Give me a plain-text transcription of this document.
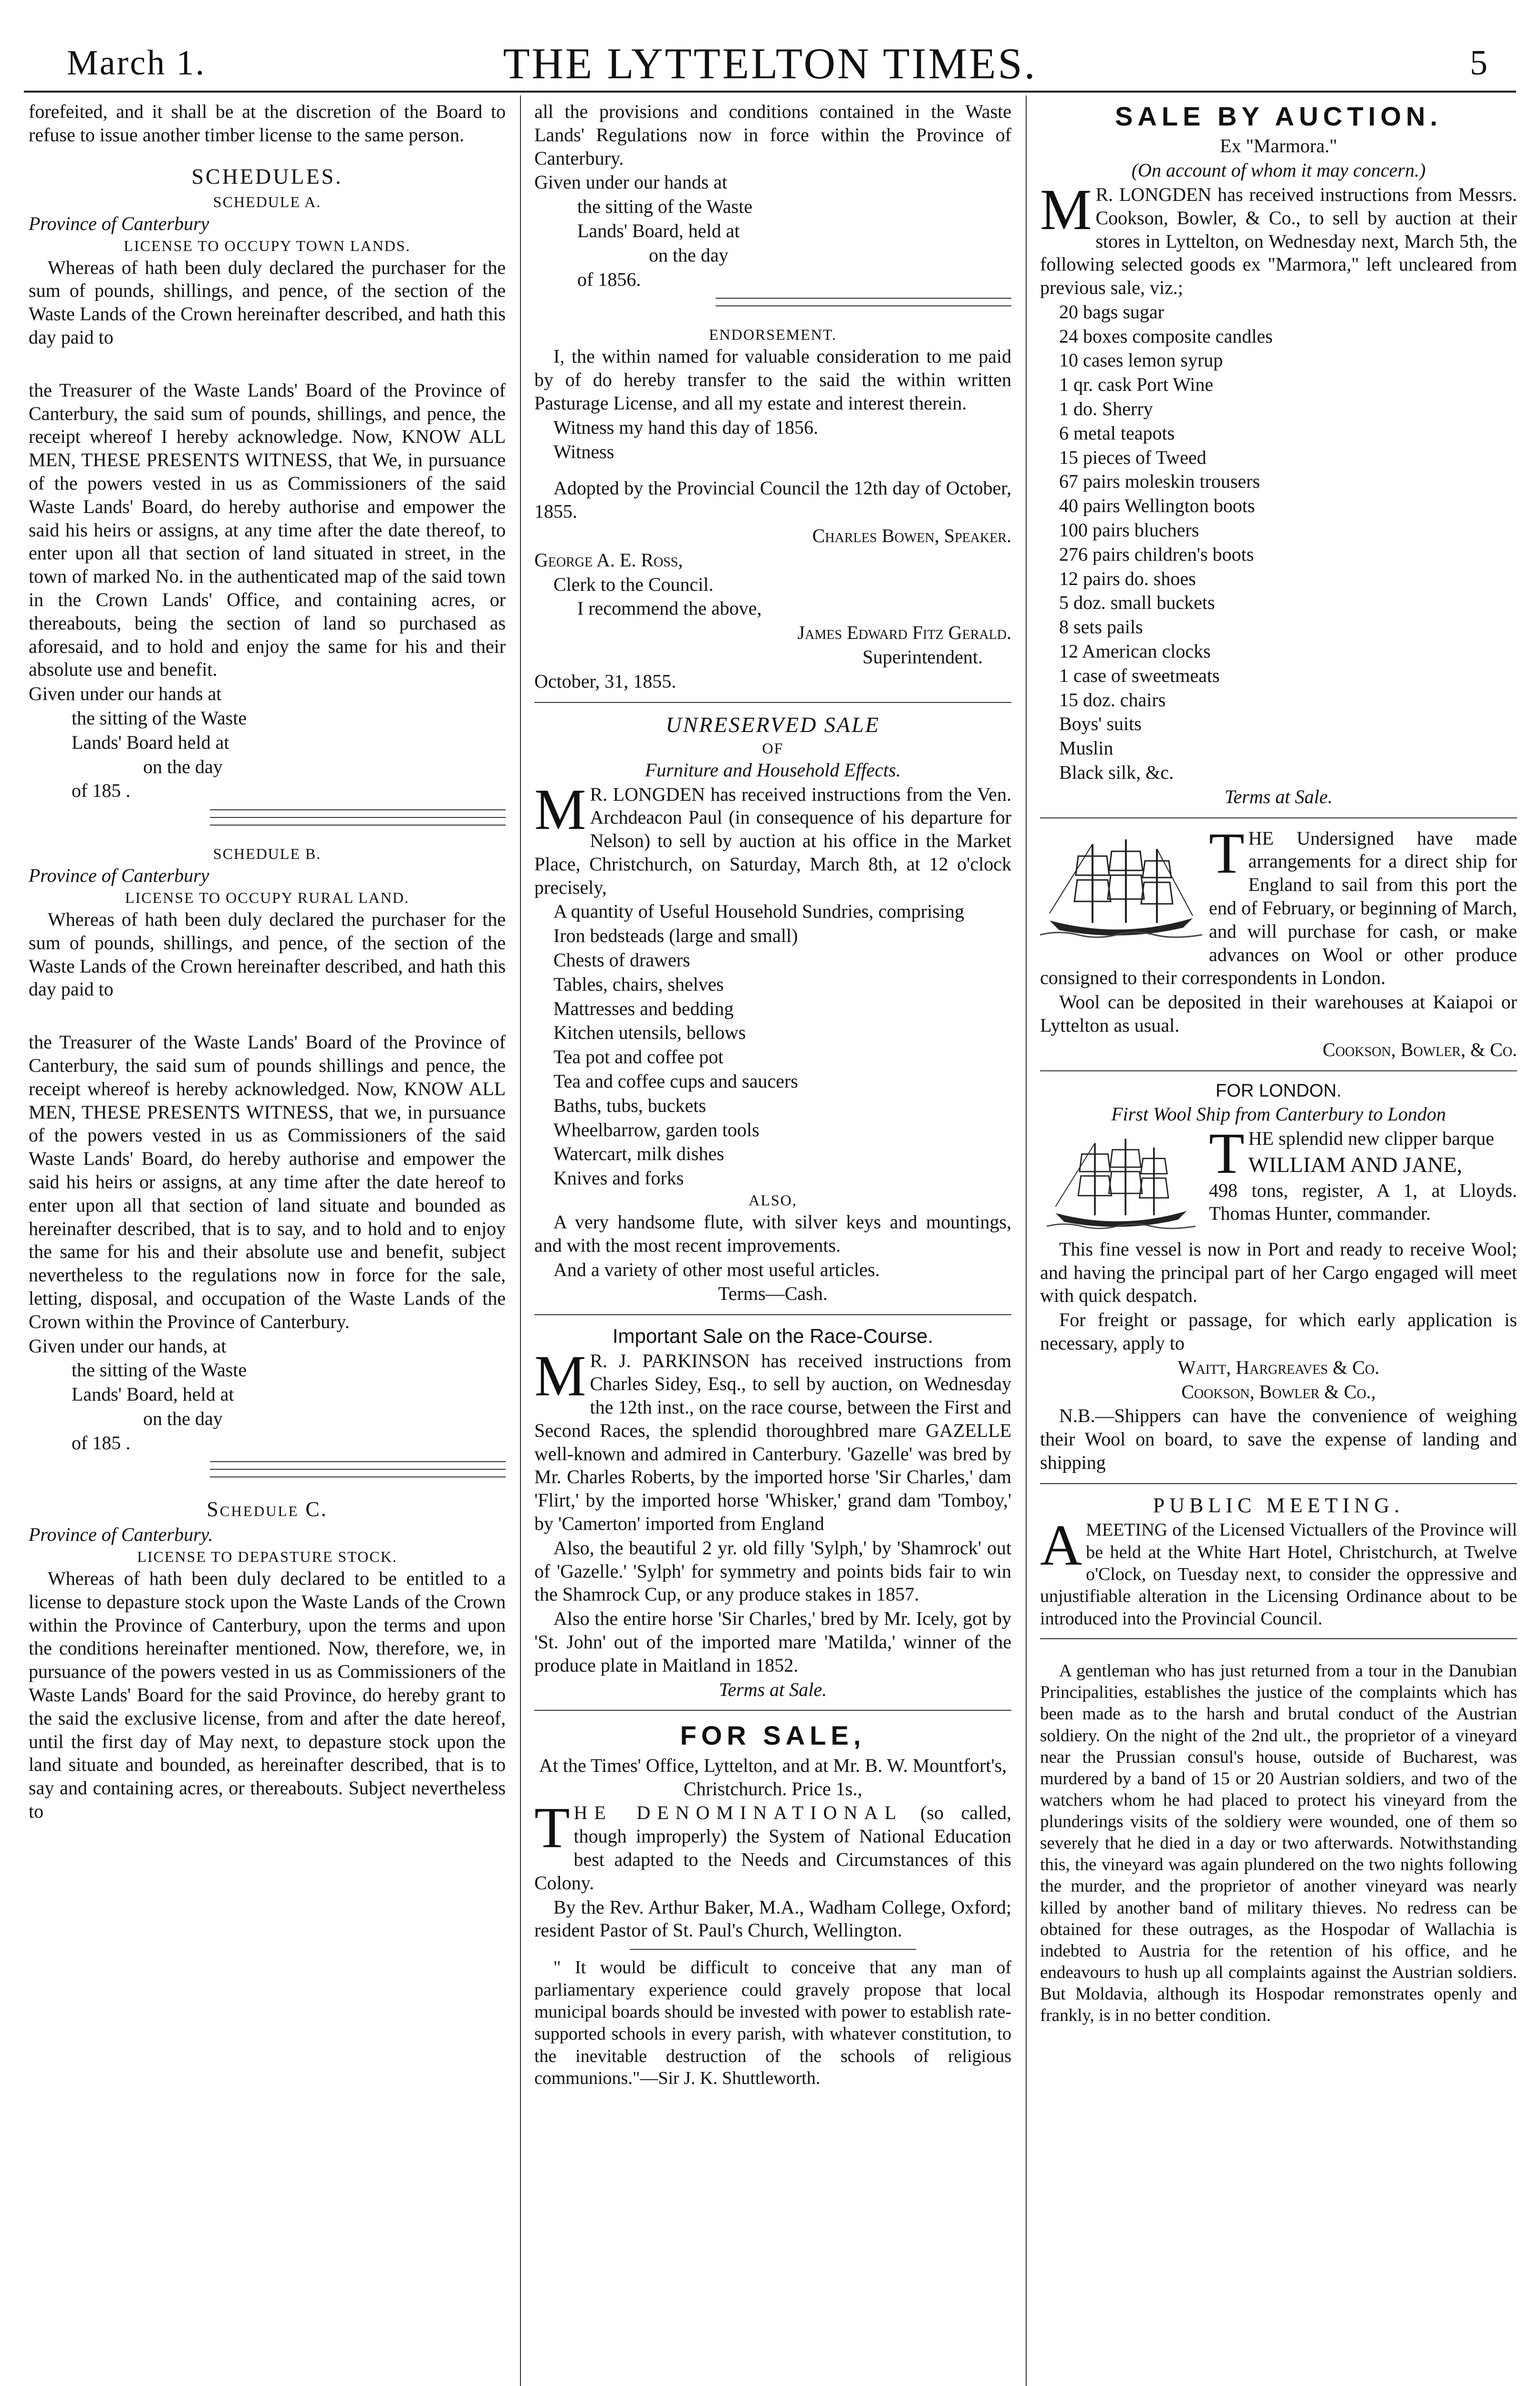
March 1.	THE LYTTELTON TIMES.	5

forefeited, and it shall be at the discretion of the Board to refuse to issue another timber license to the same person.

SCHEDULES.

SCHEDULE A.

Province of Canterbury

LICENSE TO OCCUPY TOWN LANDS.

Whereas of hath been duly declared the purchaser for the sum of pounds, shillings, and pence, of the section of the Waste Lands of the Crown hereinafter described, and hath this day paid to

the Treasurer of the Waste Lands' Board of the Province of Canterbury, the said sum of pounds, shillings, and pence, the receipt whereof I hereby acknowledge. Now, KNOW ALL MEN, THESE PRESENTS WITNESS, that We, in pursuance of the powers vested in us as Commissioners of the said Waste Lands' Board, do hereby authorise and empower the said his heirs or assigns, at any time after the date thereof, to enter upon all that section of land situated in street, in the town of marked No. in the authenticated map of the said town in the Crown Lands' Office, and containing acres, or thereabouts, being the section of land so purchased as aforesaid, and to hold and enjoy the same for his and their absolute use and benefit.

Given under our hands at

the sitting of the Waste

Lands' Board held at

on the day

of 185 .

SCHEDULE B.

Province of Canterbury

LICENSE TO OCCUPY RURAL LAND.

Whereas of hath been duly declared the purchaser for the sum of pounds, shillings, and pence, of the section of the Waste Lands of the Crown hereinafter described, and hath this day paid to

the Treasurer of the Waste Lands' Board of the Province of Canterbury, the said sum of pounds shillings and pence, the receipt whereof is hereby acknowledged. Now, KNOW ALL MEN, THESE PRESENTS WITNESS, that we, in pursuance of the powers vested in us as Commissioners of the said Waste Lands' Board, do hereby authorise and empower the said his heirs or assigns, at any time after the date hereof to enter upon all that section of land situate and bounded as hereinafter described, that is to say, and to hold and to enjoy the same for his and their absolute use and benefit, subject nevertheless to the regulations now in force for the sale, letting, disposal, and occupation of the Waste Lands of the Crown within the Province of Canterbury.

Given under our hands, at

the sitting of the Waste

Lands' Board, held at

on the day

of 185 .

Schedule C.

Province of Canterbury.

LICENSE TO DEPASTURE STOCK.

Whereas of hath been duly declared to be entitled to a license to depasture stock upon the Waste Lands of the Crown within the Province of Canterbury, upon the terms and upon the conditions hereinafter mentioned. Now, therefore, we, in pursuance of the powers vested in us as Commissioners of the Waste Lands' Board for the said Province, do hereby grant to the said the exclusive license, from and after the date hereof, until the first day of May next, to depasture stock upon the land situate and bounded, as hereinafter described, that is to say and containing acres, or thereabouts. Subject nevertheless to

all the provisions and conditions contained in the Waste Lands' Regulations now in force within the Province of Canterbury.

Given under our hands at

the sitting of the Waste

Lands' Board, held at

on the day

of 1856.

ENDORSEMENT.

I, the within named for valuable consideration to me paid by of do hereby transfer to the said the within written Pasturage License, and all my estate and interest therein.

Witness my hand this day of 1856.

Witness

Adopted by the Provincial Council the 12th day of October, 1855.

Charles Bowen, Speaker.

George A. E. Ross,

Clerk to the Council.

I recommend the above,

James Edward Fitz Gerald.

Superintendent.

October, 31, 1855.

UNRESERVED SALE

OF

Furniture and Household Effects.

M R. LONGDEN has received instructions from the Ven. Archdeacon Paul (in consequence of his departure for Nelson) to sell by auction at his office in the Market Place, Christchurch, on Saturday, March 8th, at 12 o'clock precisely,

A quantity of Useful Household Sundries, comprising

Iron bedsteads (large and small)

Chests of drawers

Tables, chairs, shelves

Mattresses and bedding

Kitchen utensils, bellows

Tea pot and coffee pot

Tea and coffee cups and saucers

Baths, tubs, buckets

Wheelbarrow, garden tools

Watercart, milk dishes

Knives and forks

ALSO,

A very handsome flute, with silver keys and mountings, and with the most recent improvements.

And a variety of other most useful articles.

Terms—Cash.

Important Sale on the Race-Course.

M R. J. PARKINSON has received instructions from Charles Sidey, Esq., to sell by auction, on Wednesday the 12th inst., on the race course, between the First and Second Races, the splendid thoroughbred mare GAZELLE well-known and admired in Canterbury. 'Gazelle' was bred by Mr. Charles Roberts, by the imported horse 'Sir Charles,' dam 'Flirt,' by the imported horse 'Whisker,' grand dam 'Tomboy,' by 'Camerton' imported from England

Also, the beautiful 2 yr. old filly 'Sylph,' by 'Shamrock' out of 'Gazelle.' 'Sylph' for symmetry and points bids fair to win the Shamrock Cup, or any produce stakes in 1857.

Also the entire horse 'Sir Charles,' bred by Mr. Icely, got by 'St. John' out of the imported mare 'Matilda,' winner of the produce plate in Maitland in 1852.

Terms at Sale.

FOR SALE,

At the Times' Office, Lyttelton, and at Mr. B. W. Mountfort's, Christchurch. Price 1s.,

THE DENOMINATIONAL (so called, though improperly) the System of National Education best adapted to the Needs and Circumstances of this Colony.

By the Rev. Arthur Baker, M.A., Wadham College, Oxford; resident Pastor of St. Paul's Church, Wellington.

" It would be difficult to conceive that any man of parliamentary experience could gravely propose that local municipal boards should be invested with power to establish rate-supported schools in every parish, with whatever constitution, to the inevitable destruction of the schools of religious communions."—Sir J. K. Shuttleworth.

SALE BY AUCTION.

Ex "Marmora."

(On account of whom it may concern.)

M R. LONGDEN has received instructions from Messrs. Cookson, Bowler, & Co., to sell by auction at their stores in Lyttelton, on Wednesday next, March 5th, the following selected goods ex "Marmora," left uncleared from previous sale, viz.;

20 bags sugar

24 boxes composite candles

10 cases lemon syrup

1 qr. cask Port Wine

1 do. Sherry

6 metal teapots

15 pieces of Tweed

67 pairs moleskin trousers

40 pairs Wellington boots

100 pairs bluchers

276 pairs children's boots

12 pairs do. shoes

5 doz. small buckets

8 sets pails

12 American clocks

1 case of sweetmeats

15 doz. chairs

Boys' suits

Muslin

Black silk, &c.

Terms at Sale.

THE Undersigned have made arrangements for a direct ship for England to sail from this port the end of February, or beginning of March, and will purchase for cash, or make advances on Wool or other produce consigned to their correspondents in London.

Wool can be deposited in their warehouses at Kaiapoi or Lyttelton as usual.

Cookson, Bowler, & Co.

FOR LONDON.

First Wool Ship from Canterbury to London

THE splendid new clipper barque

WILLIAM AND JANE,

498 tons, register, A 1, at Lloyds. Thomas Hunter, commander.

This fine vessel is now in Port and ready to receive Wool; and having the principal part of her Cargo engaged will meet with quick despatch.

For freight or passage, for which early application is necessary, apply to

Waitt, Hargreaves & Co.

Cookson, Bowler & Co.,

N.B.—Shippers can have the convenience of weighing their Wool on board, to save the expense of landing and shipping

PUBLIC MEETING.

AMEETING of the Licensed Victuallers of the Province will be held at the White Hart Hotel, Christchurch, at Twelve o'Clock, on Tuesday next, to consider the oppressive and unjustifiable alteration in the Licensing Ordinance about to be introduced into the Provincial Council.

A gentleman who has just returned from a tour in the Danubian Principalities, establishes the justice of the complaints which has been made as to the harsh and brutal conduct of the Austrian soldiery. On the night of the 2nd ult., the proprietor of a vineyard near the Prussian consul's house, outside of Bucharest, was murdered by a band of 15 or 20 Austrian soldiers, and two of the watchers whom he had placed to protect his vineyard from the plunderings visits of the soldiery were wounded, one of them so severely that he died in a day or two afterwards. Notwithstanding this, the vineyard was again plundered on the two nights following the murder, and the proprietor of another vineyard was nearly killed by another band of military thieves. No redress can be obtained for these outrages, as the Hospodar of Wallachia is indebted to Austria for the retention of his office, and he endeavours to hush up all complaints against the Austrian soldiers. But Moldavia, although its Hospodar remonstrates openly and frankly, is in no better condition.
